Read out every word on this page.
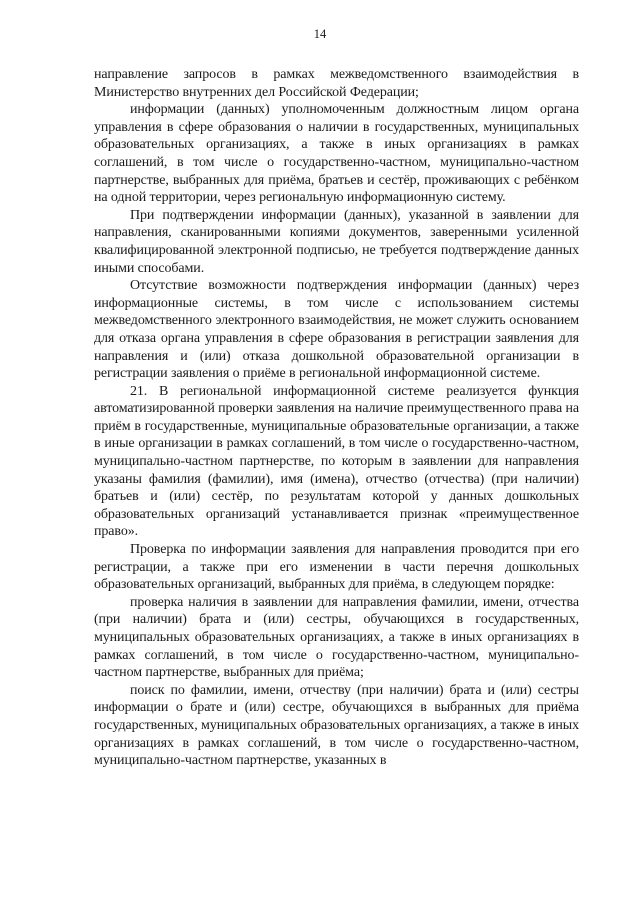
14

направление запросов в рамках межведомственного взаимодействия в Министерство внутренних дел Российской Федерации;

информации (данных) уполномоченным должностным лицом органа управления в сфере образования о наличии в государственных, муниципальных образовательных организациях, а также в иных организациях в рамках соглашений, в том числе о государственно-частном, муниципально-частном партнерстве, выбранных для приёма, братьев и сестёр, проживающих с ребёнком на одной территории, через региональную информационную систему.

При подтверждении информации (данных), указанной в заявлении для направления, сканированными копиями документов, заверенными усиленной квалифицированной электронной подписью, не требуется подтверждение данных иными способами.

Отсутствие возможности подтверждения информации (данных) через информационные системы, в том числе с использованием системы межведомственного электронного взаимодействия, не может служить основанием для отказа органа управления в сфере образования в регистрации заявления для направления и (или) отказа дошкольной образовательной организации в регистрации заявления о приёме в региональной информационной системе.

21. В региональной информационной системе реализуется функция автоматизированной проверки заявления на наличие преимущественного права на приём в государственные, муниципальные образовательные организации, а также в иные организации в рамках соглашений, в том числе о государственно-частном, муниципально-частном партнерстве, по которым в заявлении для направления указаны фамилия (фамилии), имя (имена), отчество (отчества) (при наличии) братьев и (или) сестёр, по результатам которой у данных дошкольных образовательных организаций устанавливается признак «преимущественное право».

Проверка по информации заявления для направления проводится при его регистрации, а также при его изменении в части перечня дошкольных образовательных организаций, выбранных для приёма, в следующем порядке:

проверка наличия в заявлении для направления фамилии, имени, отчества (при наличии) брата и (или) сестры, обучающихся в государственных, муниципальных образовательных организациях, а также в иных организациях в рамках соглашений, в том числе о государственно-частном, муниципально-частном партнерстве, выбранных для приёма;

поиск по фамилии, имени, отчеству (при наличии) брата и (или) сестры информации о брате и (или) сестре, обучающихся в выбранных для приёма государственных, муниципальных образовательных организациях, а также в иных организациях в рамках соглашений, в том числе о государственно-частном, муниципально-частном партнерстве, указанных в
